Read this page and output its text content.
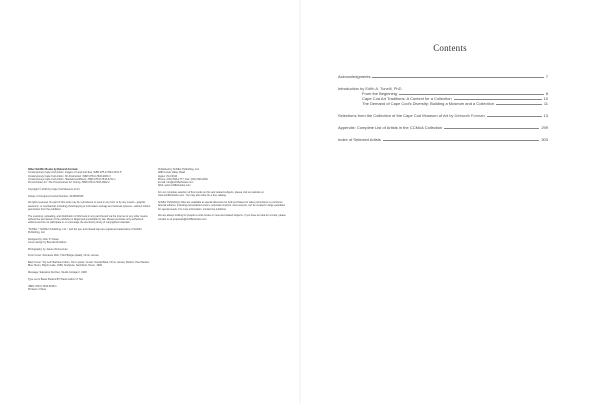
Other Schiffer Books by Deborah Forman:
Contemporary Cape Cod Artists: Images of Land and Sea, ISBN 978-0-7643-3151-5
Contemporary Cape Cod Artists: On Abstraction, ISBN 978-0-7643-4903-3
Contemporary Cape Cod Artists: Headstones/Places, ISBN 978-0-7643-4722-1
Provincetown Art: The Provincetown Art Colony, ISBN 978-0-7643-3602-2

Copyright © 2016 by Cape Cod Museum of Art

Library of Congress Control Number: 2016941535

All rights reserved. No part of this work may be reproduced or used in any form or by any means—graphic, electronic, or mechanical, including photocopying or information storage and retrieval systems—without written permission from the publisher.

The scanning, uploading, and distribution of this book or any part thereof via the Internet or any other means without the permission of the publisher is illegal and punishable by law. Please purchase only authorized editions and do not participate in or encourage the electronic piracy of copyrighted materials.

"Schiffer," "Schiffer Publishing, Ltd.," and the pen and inkwell logo are registered trademarks of Schiffer Publishing, Ltd.

Designed by John P. Cheek
Cover design by Brenda McCallum

Photography by James Zimmerman

Front Cover: Romanos Rizk, Third Bridge (detail), Oil on canvas

Back Cover: Top Left: Barbara Cohen, Oil on panel; Center: Donald Beal, Oil on canvas; Bottom: Paul Resika, Blue Heron, Pilgrim Lake, 1989, Sculpture: Sal Fitzell, Heron, 1999

Message: Salvatore Del Deo, Studio Cottage II, 1990

Type set in Bauer Bodoni BT/Trade Gothic LT Std

ISBN: 978-0-7643-5158-1
Printed in China

Published by Schiffer Publishing, Ltd.
4880 Lower Valley Road
Atglen, PA 19310
Phone: (610) 593-1777; Fax: (610) 593-2002
E-mail: Info@schifferbooks.com
Web: www.schifferbooks.com

For our complete selection of fine books on this and related subjects, please visit our website at www.schifferbooks.com. You may also write for a free catalog.

Schiffer Publishing's titles are available at special discounts for bulk purchases for sales promotions or premiums. Special editions, including personalized covers, corporate imprints, and excerpts, can be created in large quantities for special needs. For more information, contact the publisher.

We are always looking for people to write books on new and related subjects. If you have an idea for a book, please contact us at proposals@schifferbooks.com.

Contents
Acknowledgments	7
Introduction
by Edith A. Tonelli, PhD
From the Beginning	8
Cape Cod Art Traditions: A Context for a Collection	10
The Demand of Cape Cod's Diversity: Building a Museum and a Collection	11
Selections from the Collection of the Cape Cod Museum of Art
by Deborah Forman	13
Appendix: Complete List of Artists in the CCMoA Collection	299
Index of Selected Artists	303
